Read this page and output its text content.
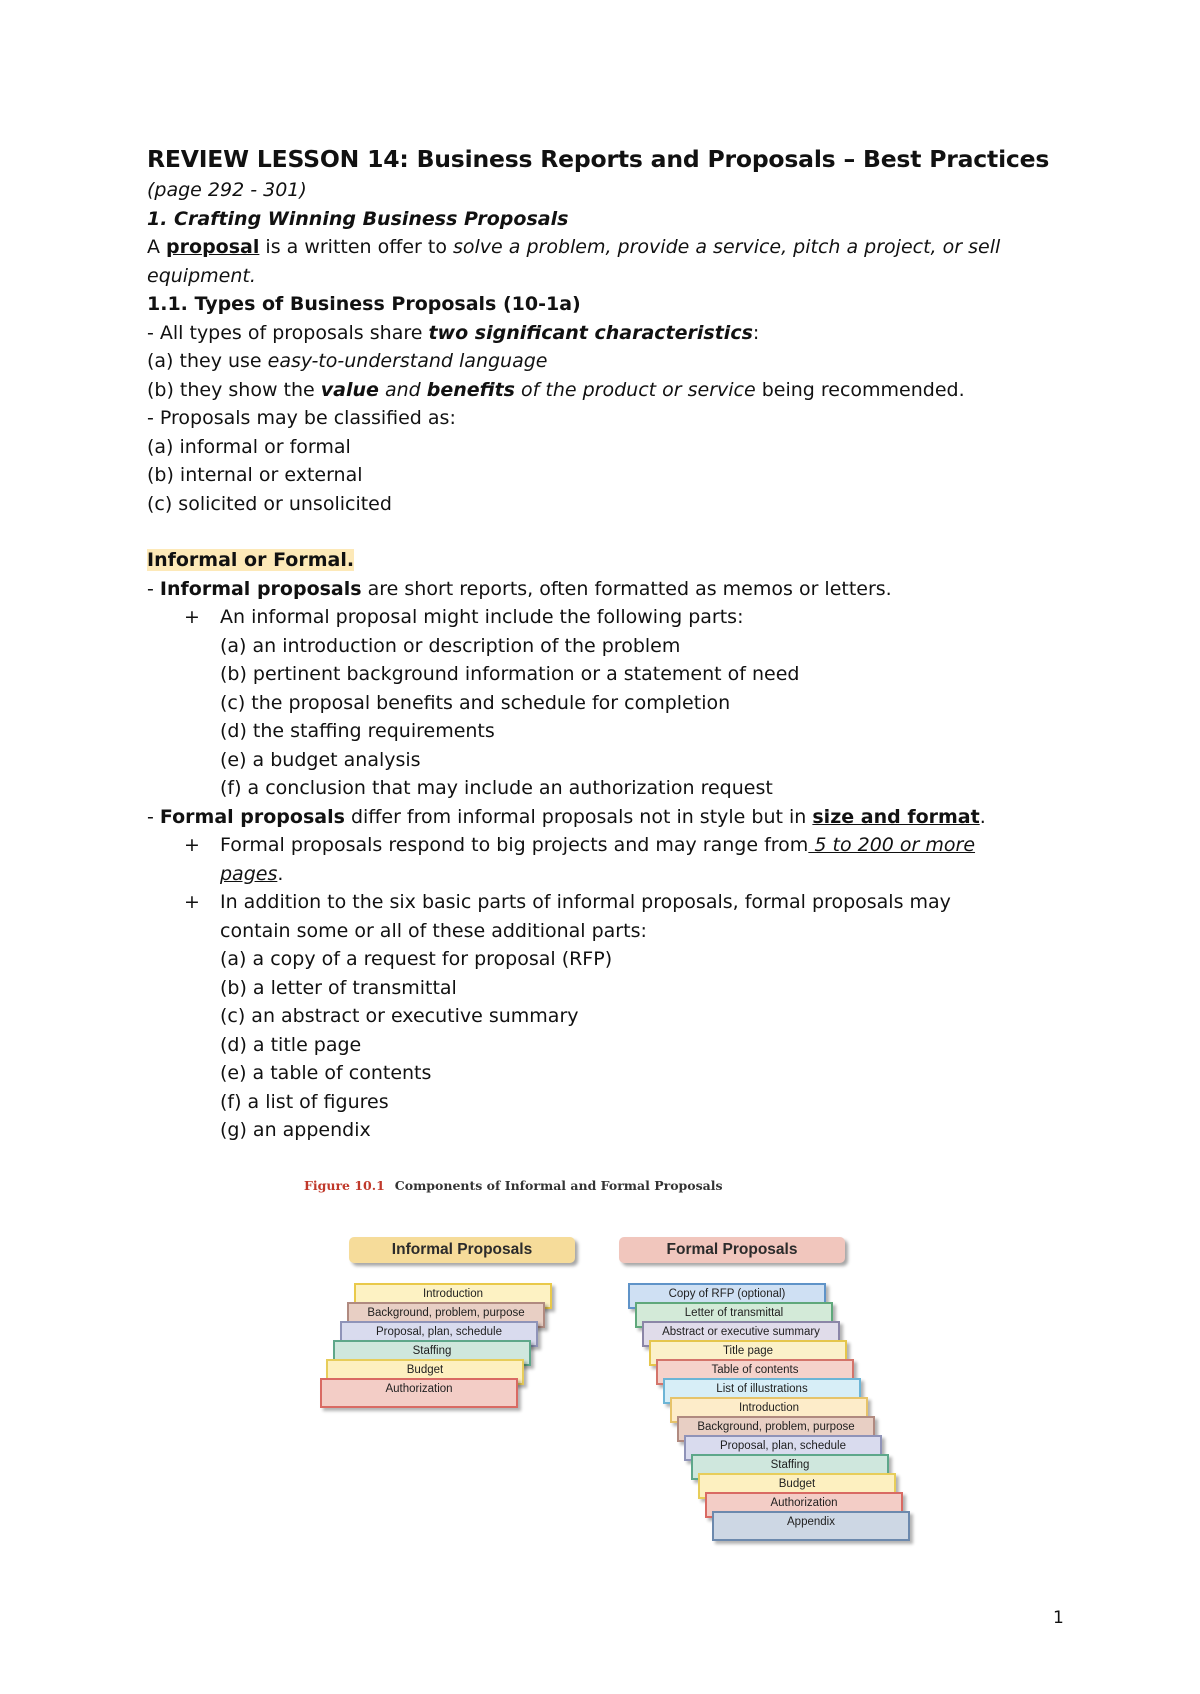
REVIEW LESSON 14: Business Reports and Proposals – Best Practices

(page 292 - 301)

1. Crafting Winning Business Proposals

A proposal is a written offer to solve a problem, provide a service, pitch a project, or sell

equipment.

1.1. Types of Business Proposals (10-1a)

- All types of proposals share two significant characteristics:

(a) they use easy-to-understand language

(b) they show the value and benefits of the product or service being recommended.

- Proposals may be classified as:

(a) informal or formal

(b) internal or external

(c) solicited or unsolicited

Informal or Formal.

- Informal proposals are short reports, often formatted as memos or letters.

+ An informal proposal might include the following parts:

(a) an introduction or description of the problem

(b) pertinent background information or a statement of need

(c) the proposal benefits and schedule for completion

(d) the staffing requirements

(e) a budget analysis

(f) a conclusion that may include an authorization request

- Formal proposals differ from informal proposals not in style but in size and format.

+ Formal proposals respond to big projects and may range from 5 to 200 or more

pages.

+ In addition to the six basic parts of informal proposals, formal proposals may

contain some or all of these additional parts:

(a) a copy of a request for proposal (RFP)

(b) a letter of transmittal

(c) an abstract or executive summary

(d) a title page

(e) a table of contents

(f) a list of figures

(g) an appendix

Figure 10.1 Components of Informal and Formal Proposals
Informal Proposals	Formal Proposals
Introduction
Background, problem, purpose
Proposal, plan, schedule
Staffing
Budget
Authorization
Copy of RFP (optional)
Letter of transmittal
Abstract or executive summary
Title page
Table of contents
List of illustrations
Introduction
Background, problem, purpose
Proposal, plan, schedule
Staffing
Budget
Authorization
Appendix
1
